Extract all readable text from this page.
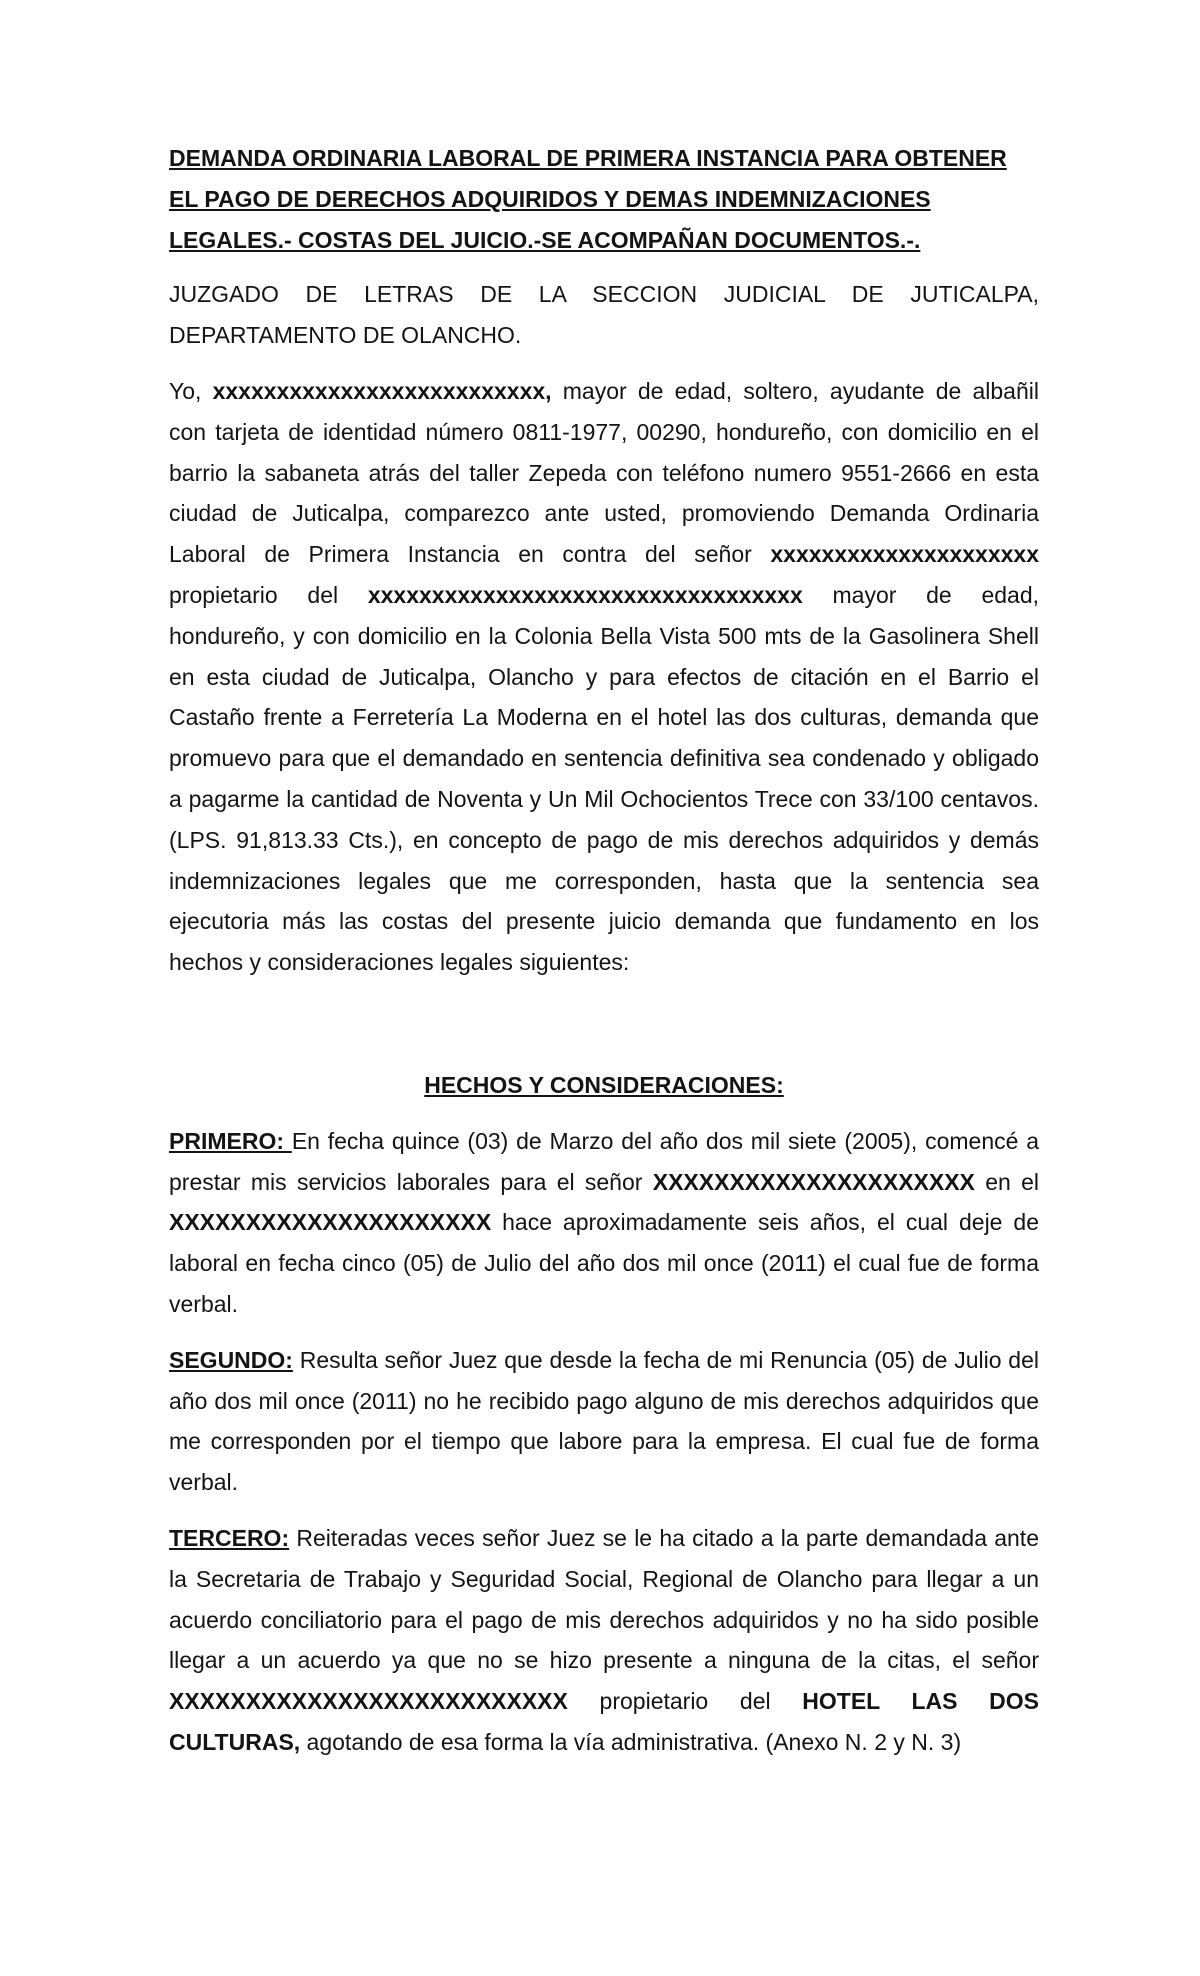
DEMANDA ORDINARIA LABORAL DE PRIMERA INSTANCIA PARA OBTENER
EL PAGO DE DERECHOS ADQUIRIDOS Y DEMAS INDEMNIZACIONES
LEGALES.- COSTAS DEL JUICIO.-SE ACOMPAÑAN DOCUMENTOS.-.

JUZGADO DE LETRAS DE LA SECCION JUDICIAL DE JUTICALPA, DEPARTAMENTO DE OLANCHO.

Yo, xxxxxxxxxxxxxxxxxxxxxxxxxx, mayor de edad, soltero, ayudante de albañil con tarjeta de identidad número 0811-1977, 00290, hondureño, con domicilio en el barrio la sabaneta atrás del taller Zepeda con teléfono numero 9551-2666 en esta ciudad de Juticalpa, comparezco ante usted, promoviendo Demanda Ordinaria Laboral de Primera Instancia en contra del señor xxxxxxxxxxxxxxxxxxxxx propietario del xxxxxxxxxxxxxxxxxxxxxxxxxxxxxxxxxx mayor de edad, hondureño, y con domicilio en la Colonia Bella Vista 500 mts de la Gasolinera Shell en esta ciudad de Juticalpa, Olancho y para efectos de citación en el Barrio el Castaño frente a Ferretería La Moderna en el hotel las dos culturas, demanda que promuevo para que el demandado en sentencia definitiva sea condenado y obligado a pagarme la cantidad de Noventa y Un Mil Ochocientos Trece con 33/100 centavos. (LPS. 91,813.33 Cts.), en concepto de pago de mis derechos adquiridos y demás indemnizaciones legales que me corresponden, hasta que la sentencia sea ejecutoria más las costas del presente juicio demanda que fundamento en los hechos y consideraciones legales siguientes:

HECHOS Y CONSIDERACIONES:

PRIMERO: En fecha quince (03) de Marzo del año dos mil siete (2005), comencé a prestar mis servicios laborales para el señor XXXXXXXXXXXXXXXXXXXXX en el XXXXXXXXXXXXXXXXXXXXX hace aproximadamente seis años, el cual deje de laboral en fecha cinco (05) de Julio del año dos mil once (2011) el cual fue de forma verbal.

SEGUNDO: Resulta señor Juez que desde la fecha de mi Renuncia (05) de Julio del año dos mil once (2011) no he recibido pago alguno de mis derechos adquiridos que me corresponden por el tiempo que labore para la empresa. El cual fue de forma verbal.

TERCERO: Reiteradas veces señor Juez se le ha citado a la parte demandada ante la Secretaria de Trabajo y Seguridad Social, Regional de Olancho para llegar a un acuerdo conciliatorio para el pago de mis derechos adquiridos y no ha sido posible llegar a un acuerdo ya que no se hizo presente a ninguna de la citas, el señor XXXXXXXXXXXXXXXXXXXXXXXXXX propietario del HOTEL LAS DOS CULTURAS, agotando de esa forma la vía administrativa. (Anexo N. 2 y N. 3)
